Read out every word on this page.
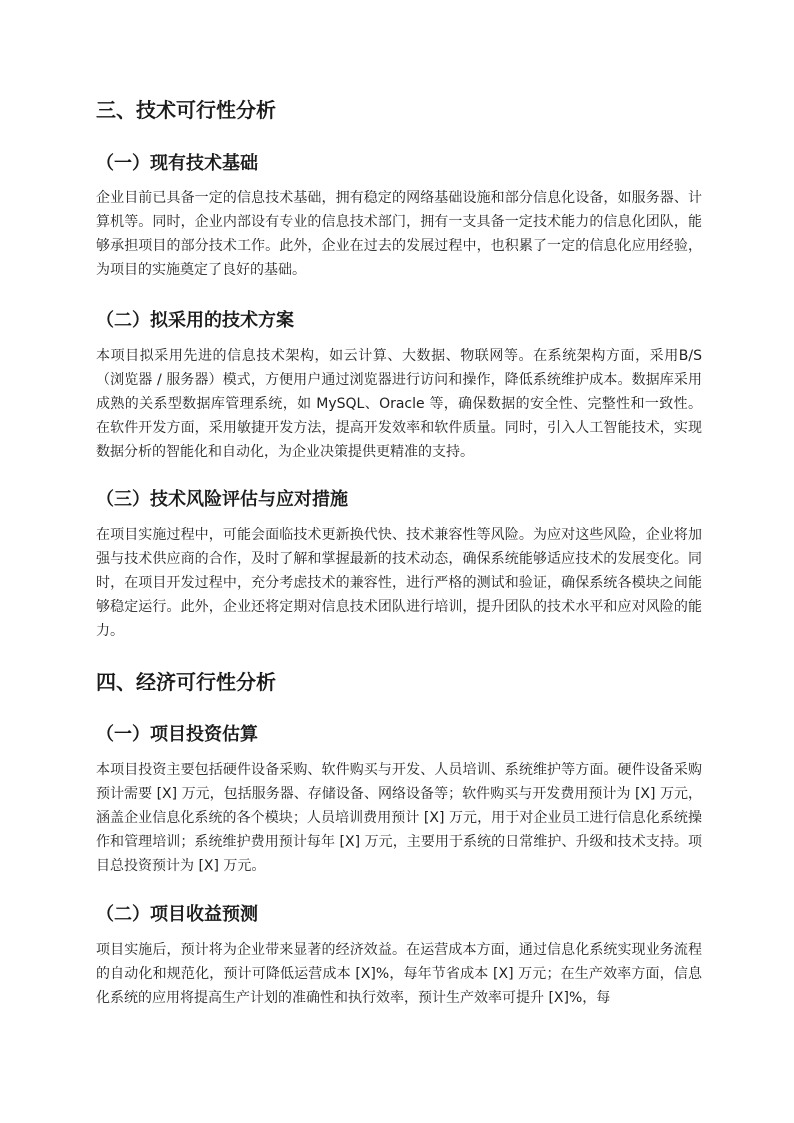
三、技术可行性分析
（一）现有技术基础

企业目前已具备一定的信息技术基础，拥有稳定的网络基础设施和部分信息化设备，如服务器、计算机等。同时，企业内部设有专业的信息技术部门，拥有一支具备一定技术能力的信息化团队，能够承担项目的部分技术工作。此外，企业在过去的发展过程中，也积累了一定的信息化应用经验，为项目的实施奠定了良好的基础。

（二）拟采用的技术方案

本项目拟采用先进的信息技术架构，如云计算、大数据、物联网等。在系统架构方面，采用B/S（浏览器 / 服务器）模式，方便用户通过浏览器进行访问和操作，降低系统维护成本。数据库采用成熟的关系型数据库管理系统，如 MySQL、Oracle 等，确保数据的安全性、完整性和一致性。在软件开发方面，采用敏捷开发方法，提高开发效率和软件质量。同时，引入人工智能技术，实现数据分析的智能化和自动化，为企业决策提供更精准的支持。

（三）技术风险评估与应对措施

在项目实施过程中，可能会面临技术更新换代快、技术兼容性等风险。为应对这些风险，企业将加强与技术供应商的合作，及时了解和掌握最新的技术动态，确保系统能够适应技术的发展变化。同时，在项目开发过程中，充分考虑技术的兼容性，进行严格的测试和验证，确保系统各模块之间能够稳定运行。此外，企业还将定期对信息技术团队进行培训，提升团队的技术水平和应对风险的能力。

四、经济可行性分析
（一）项目投资估算

本项目投资主要包括硬件设备采购、软件购买与开发、人员培训、系统维护等方面。硬件设备采购预计需要 [X] 万元，包括服务器、存储设备、网络设备等；软件购买与开发费用预计为 [X] 万元，涵盖企业信息化系统的各个模块；人员培训费用预计 [X] 万元，用于对企业员工进行信息化系统操作和管理培训；系统维护费用预计每年 [X] 万元，主要用于系统的日常维护、升级和技术支持。项目总投资预计为 [X] 万元。

（二）项目收益预测

项目实施后，预计将为企业带来显著的经济效益。在运营成本方面，通过信息化系统实现业务流程的自动化和规范化，预计可降低运营成本 [X]%，每年节省成本 [X] 万元；在生产效率方面，信息化系统的应用将提高生产计划的准确性和执行效率，预计生产效率可提升 [X]%，每
